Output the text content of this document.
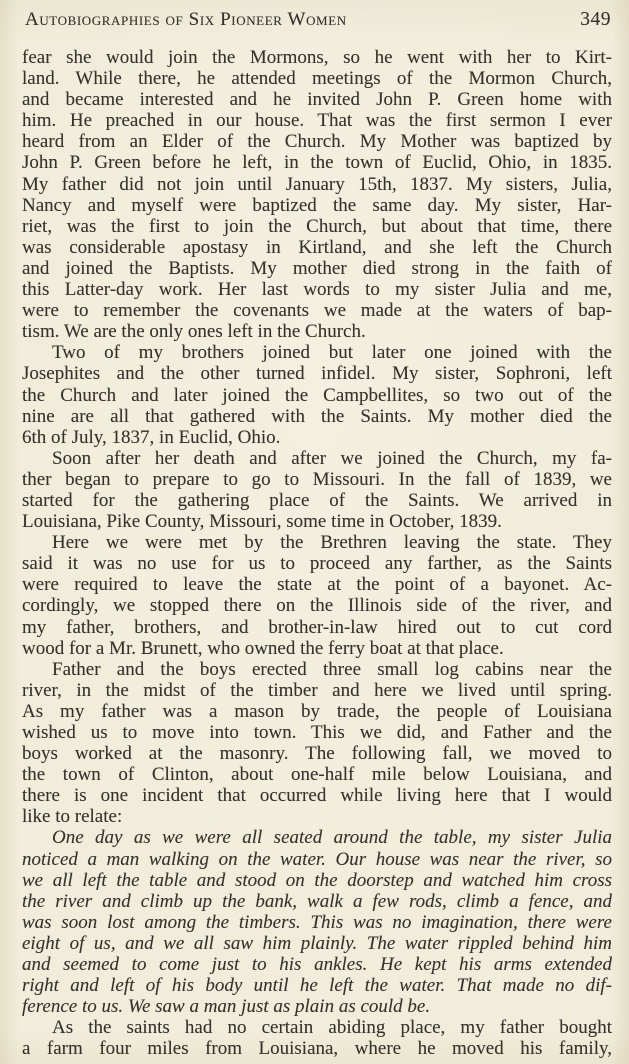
Autobiographies of Six Pioneer Women	349

fear she would join the Mormons, so he went with her to Kirt-
land. While there, he attended meetings of the Mormon Church,
and became interested and he invited John P. Green home with
him. He preached in our house. That was the first sermon I ever
heard from an Elder of the Church. My Mother was baptized by
John P. Green before he left, in the town of Euclid, Ohio, in 1835.
My father did not join until January 15th, 1837. My sisters, Julia,
Nancy and myself were baptized the same day. My sister, Har-
riet, was the first to join the Church, but about that time, there
was considerable apostasy in Kirtland, and she left the Church
and joined the Baptists. My mother died strong in the faith of
this Latter-day work. Her last words to my sister Julia and me,
were to remember the covenants we made at the waters of bap-
tism. We are the only ones left in the Church.

Two of my brothers joined but later one joined with the
Josephites and the other turned infidel. My sister, Sophroni, left
the Church and later joined the Campbellites, so two out of the
nine are all that gathered with the Saints. My mother died the
6th of July, 1837, in Euclid, Ohio.

Soon after her death and after we joined the Church, my fa-
ther began to prepare to go to Missouri. In the fall of 1839, we
started for the gathering place of the Saints. We arrived in
Louisiana, Pike County, Missouri, some time in October, 1839.

Here we were met by the Brethren leaving the state. They
said it was no use for us to proceed any farther, as the Saints
were required to leave the state at the point of a bayonet. Ac-
cordingly, we stopped there on the Illinois side of the river, and
my father, brothers, and brother-in-law hired out to cut cord
wood for a Mr. Brunett, who owned the ferry boat at that place.

Father and the boys erected three small log cabins near the
river, in the midst of the timber and here we lived until spring.
As my father was a mason by trade, the people of Louisiana
wished us to move into town. This we did, and Father and the
boys worked at the masonry. The following fall, we moved to
the town of Clinton, about one-half mile below Louisiana, and
there is one incident that occurred while living here that I would
like to relate:

One day as we were all seated around the table, my sister Julia
noticed a man walking on the water. Our house was near the river, so
we all left the table and stood on the doorstep and watched him cross
the river and climb up the bank, walk a few rods, climb a fence, and
was soon lost among the timbers. This was no imagination, there were
eight of us, and we all saw him plainly. The water rippled behind him
and seemed to come just to his ankles. He kept his arms extended
right and left of his body until he left the water. That made no dif-
ference to us. We saw a man just as plain as could be.

As the saints had no certain abiding place, my father bought
a farm four miles from Louisiana, where he moved his family,
